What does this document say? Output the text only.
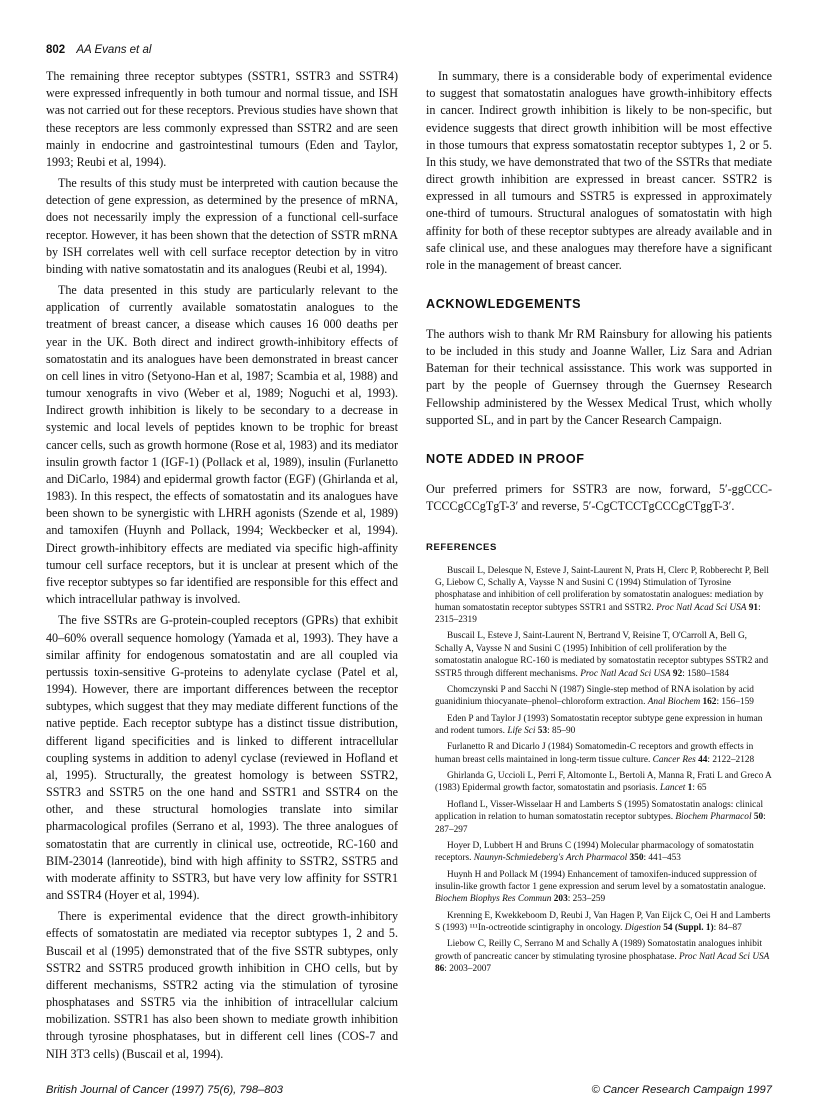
802 AA Evans et al

The remaining three receptor subtypes (SSTR1, SSTR3 and SSTR4) were expressed infrequently in both tumour and normal tissue, and ISH was not carried out for these receptors. Previous studies have shown that these receptors are less commonly expressed than SSTR2 and are seen mainly in endocrine and gastrointestinal tumours (Eden and Taylor, 1993; Reubi et al, 1994).

The results of this study must be interpreted with caution because the detection of gene expression, as determined by the presence of mRNA, does not necessarily imply the expression of a functional cell-surface receptor. However, it has been shown that the detection of SSTR mRNA by ISH correlates well with cell surface receptor detection by in vitro binding with native somatostatin and its analogues (Reubi et al, 1994).

The data presented in this study are particularly relevant to the application of currently available somatostatin analogues to the treatment of breast cancer, a disease which causes 16 000 deaths per year in the UK. Both direct and indirect growth-inhibitory effects of somatostatin and its analogues have been demonstrated in breast cancer on cell lines in vitro (Setyono-Han et al, 1987; Scambia et al, 1988) and tumour xenografts in vivo (Weber et al, 1989; Noguchi et al, 1993). Indirect growth inhibition is likely to be secondary to a decrease in systemic and local levels of peptides known to be trophic for breast cancer cells, such as growth hormone (Rose et al, 1983) and its mediator insulin growth factor 1 (IGF-1) (Pollack et al, 1989), insulin (Furlanetto and DiCarlo, 1984) and epidermal growth factor (EGF) (Ghirlanda et al, 1983). In this respect, the effects of somatostatin and its analogues have been shown to be synergistic with LHRH agonists (Szende et al, 1989) and tamoxifen (Huynh and Pollack, 1994; Weckbecker et al, 1994). Direct growth-inhibitory effects are mediated via specific high-affinity tumour cell surface receptors, but it is unclear at present which of the five receptor subtypes so far identified are responsible for this effect and which intracellular pathway is involved.

The five SSTRs are G-protein-coupled receptors (GPRs) that exhibit 40–60% overall sequence homology (Yamada et al, 1993). They have a similar affinity for endogenous somatostatin and are all coupled via pertussis toxin-sensitive G-proteins to adenylate cyclase (Patel et al, 1994). However, there are important differences between the receptor subtypes, which suggest that they may mediate different functions of the native peptide. Each receptor subtype has a distinct tissue distribution, different ligand specificities and is linked to different intracellular coupling systems in addition to adenyl cyclase (reviewed in Hofland et al, 1995). Structurally, the greatest homology is between SSTR2, SSTR3 and SSTR5 on the one hand and SSTR1 and SSTR4 on the other, and these structural homologies translate into similar pharmacological profiles (Serrano et al, 1993). The three analogues of somatostatin that are currently in clinical use, octreotide, RC-160 and BIM-23014 (lanreotide), bind with high affinity to SSTR2, SSTR5 and with moderate affinity to SSTR3, but have very low affinity for SSTR1 and SSTR4 (Hoyer et al, 1994).

There is experimental evidence that the direct growth-inhibitory effects of somatostatin are mediated via receptor subtypes 1, 2 and 5. Buscail et al (1995) demonstrated that of the five SSTR subtypes, only SSTR2 and SSTR5 produced growth inhibition in CHO cells, but by different mechanisms, SSTR2 acting via the stimulation of tyrosine phosphatases and SSTR5 via the inhibition of intracellular calcium mobilization. SSTR1 has also been shown to mediate growth inhibition through tyrosine phosphatases, but in different cell lines (COS-7 and NIH 3T3 cells) (Buscail et al, 1994).

In summary, there is a considerable body of experimental evidence to suggest that somatostatin analogues have growth-inhibitory effects in cancer. Indirect growth inhibition is likely to be non-specific, but evidence suggests that direct growth inhibition will be most effective in those tumours that express somatostatin receptor subtypes 1, 2 or 5. In this study, we have demonstrated that two of the SSTRs that mediate direct growth inhibition are expressed in breast cancer. SSTR2 is expressed in all tumours and SSTR5 is expressed in approximately one-third of tumours. Structural analogues of somatostatin with high affinity for both of these receptor subtypes are already available and in safe clinical use, and these analogues may therefore have a significant role in the management of breast cancer.

ACKNOWLEDGEMENTS

The authors wish to thank Mr RM Rainsbury for allowing his patients to be included in this study and Joanne Waller, Liz Sara and Adrian Bateman for their technical assisstance. This work was supported in part by the people of Guernsey through the Guernsey Research Fellowship administered by the Wessex Medical Trust, which wholly supported SL, and in part by the Cancer Research Campaign.

NOTE ADDED IN PROOF

Our preferred primers for SSTR3 are now, forward, 5′-ggCCC-TCCCgCCgTgT-3′ and reverse, 5′-CgCTCCTgCCCgCTggT-3′.

REFERENCES

Buscail L, Delesque N, Esteve J, Saint-Laurent N, Prats H, Clerc P, Robberecht P, Bell G, Liebow C, Schally A, Vaysse N and Susini C (1994) Stimulation of Tyrosine phosphatase and inhibition of cell proliferation by somatostatin analogues: mediation by human somatostatin receptor subtypes SSTR1 and SSTR2. Proc Natl Acad Sci USA 91: 2315–2319

Buscail L, Esteve J, Saint-Laurent N, Bertrand V, Reisine T, O'Carroll A, Bell G, Schally A, Vaysse N and Susini C (1995) Inhibition of cell proliferation by the somatostatin analogue RC-160 is mediated by somatostatin receptor subtypes SSTR2 and SSTR5 through different mechanisms. Proc Natl Acad Sci USA 92: 1580–1584

Chomczynski P and Sacchi N (1987) Single-step method of RNA isolation by acid guanidinium thiocyanate–phenol–chloroform extraction. Anal Biochem 162: 156–159

Eden P and Taylor J (1993) Somatostatin receptor subtype gene expression in human and rodent tumors. Life Sci 53: 85–90

Furlanetto R and Dicarlo J (1984) Somatomedin-C receptors and growth effects in human breast cells maintained in long-term tissue culture. Cancer Res 44: 2122–2128

Ghirlanda G, Uccioli L, Perri F, Altomonte L, Bertoli A, Manna R, Frati L and Greco A (1983) Epidermal growth factor, somatostatin and psoriasis. Lancet 1: 65

Hofland L, Visser-Wisselaar H and Lamberts S (1995) Somatostatin analogs: clinical application in relation to human somatostatin receptor subtypes. Biochem Pharmacol 50: 287–297

Hoyer D, Lubbert H and Bruns C (1994) Molecular pharmacology of somatostatin receptors. Naunyn-Schmiedeberg's Arch Pharmacol 350: 441–453

Huynh H and Pollack M (1994) Enhancement of tamoxifen-induced suppression of insulin-like growth factor 1 gene expression and serum level by a somatostatin analogue. Biochem Biophys Res Commun 203: 253–259

Krenning E, Kwekkeboom D, Reubi J, Van Hagen P, Van Eijck C, Oei H and Lamberts S (1993) ¹¹¹In-octreotide scintigraphy in oncology. Digestion 54 (Suppl. 1): 84–87

Liebow C, Reilly C, Serrano M and Schally A (1989) Somatostatin analogues inhibit growth of pancreatic cancer by stimulating tyrosine phosphatase. Proc Natl Acad Sci USA 86: 2003–2007

British Journal of Cancer (1997) 75(6), 798–803	© Cancer Research Campaign 1997
